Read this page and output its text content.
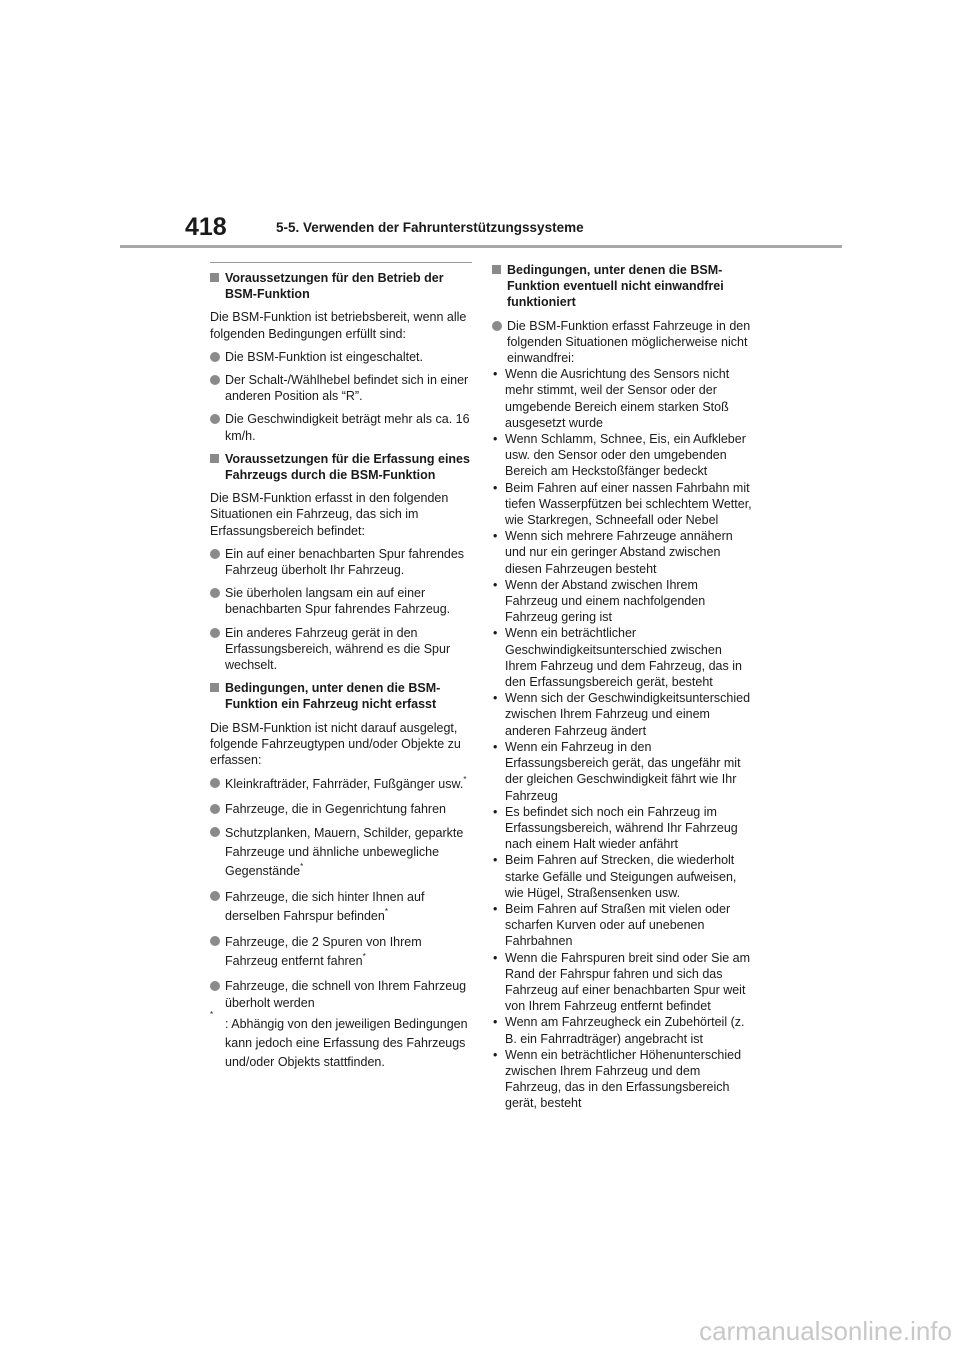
418	5-5. Verwenden der Fahrunterstützungssysteme
Voraussetzungen für den Betrieb der BSM-Funktion

Die BSM-Funktion ist betriebsbereit, wenn alle folgenden Bedingungen erfüllt sind:

Die BSM-Funktion ist eingeschaltet.
Der Schalt-/Wählhebel befindet sich in einer anderen Position als “R”.
Die Geschwindigkeit beträgt mehr als ca. 16 km/h.
Voraussetzungen für die Erfassung eines Fahrzeugs durch die BSM-Funktion

Die BSM-Funktion erfasst in den folgenden Situationen ein Fahrzeug, das sich im Erfassungsbereich befindet:

Ein auf einer benachbarten Spur fahrendes Fahrzeug überholt Ihr Fahrzeug.
Sie überholen langsam ein auf einer benachbarten Spur fahrendes Fahrzeug.
Ein anderes Fahrzeug gerät in den Erfassungsbereich, während es die Spur wechselt.
Bedingungen, unter denen die BSM-Funktion ein Fahrzeug nicht erfasst

Die BSM-Funktion ist nicht darauf ausgelegt, folgende Fahrzeugtypen und/oder Objekte zu erfassen:

Kleinkrafträder, Fahrräder, Fußgänger usw.*
Fahrzeuge, die in Gegenrichtung fahren
Schutzplanken, Mauern, Schilder, geparkte Fahrzeuge und ähnliche unbewegliche Gegenstände*
Fahrzeuge, die sich hinter Ihnen auf derselben Fahrspur befinden*
Fahrzeuge, die 2 Spuren von Ihrem Fahrzeug entfernt fahren*
Fahrzeuge, die schnell von Ihrem Fahrzeug überholt werden
*
: Abhängig von den jeweiligen Bedingungen kann jedoch eine Erfassung des Fahrzeugs und/oder Objekts stattfinden.
Bedingungen, unter denen die BSM-Funktion eventuell nicht einwandfrei funktioniert
Die BSM-Funktion erfasst Fahrzeuge in den folgenden Situationen möglicherweise nicht einwandfrei:
• Wenn die Ausrichtung des Sensors nicht mehr stimmt, weil der Sensor oder der umgebende Bereich einem starken Stoß ausgesetzt wurde
• Wenn Schlamm, Schnee, Eis, ein Aufkleber usw. den Sensor oder den umgebenden Bereich am Heckstoßfänger bedeckt
• Beim Fahren auf einer nassen Fahrbahn mit tiefen Wasserpfützen bei schlechtem Wetter, wie Starkregen, Schneefall oder Nebel
• Wenn sich mehrere Fahrzeuge annähern und nur ein geringer Abstand zwischen diesen Fahrzeugen besteht
• Wenn der Abstand zwischen Ihrem Fahrzeug und einem nachfolgenden Fahrzeug gering ist
• Wenn ein beträchtlicher Geschwindigkeitsunterschied zwischen Ihrem Fahrzeug und dem Fahrzeug, das in den Erfassungsbereich gerät, besteht
• Wenn sich der Geschwindigkeitsunterschied zwischen Ihrem Fahrzeug und einem anderen Fahrzeug ändert
• Wenn ein Fahrzeug in den Erfassungsbereich gerät, das ungefähr mit der gleichen Geschwindigkeit fährt wie Ihr Fahrzeug
• Es befindet sich noch ein Fahrzeug im Erfassungsbereich, während Ihr Fahrzeug nach einem Halt wieder anfährt
• Beim Fahren auf Strecken, die wiederholt starke Gefälle und Steigungen aufweisen, wie Hügel, Straßensenken usw.
• Beim Fahren auf Straßen mit vielen oder scharfen Kurven oder auf unebenen Fahrbahnen
• Wenn die Fahrspuren breit sind oder Sie am Rand der Fahrspur fahren und sich das Fahrzeug auf einer benachbarten Spur weit von Ihrem Fahrzeug entfernt befindet
• Wenn am Fahrzeugheck ein Zubehörteil (z. B. ein Fahrradträger) angebracht ist
• Wenn ein beträchtlicher Höhenunterschied zwischen Ihrem Fahrzeug und dem Fahrzeug, das in den Erfassungsbereich gerät, besteht
carmanualsonline.info
